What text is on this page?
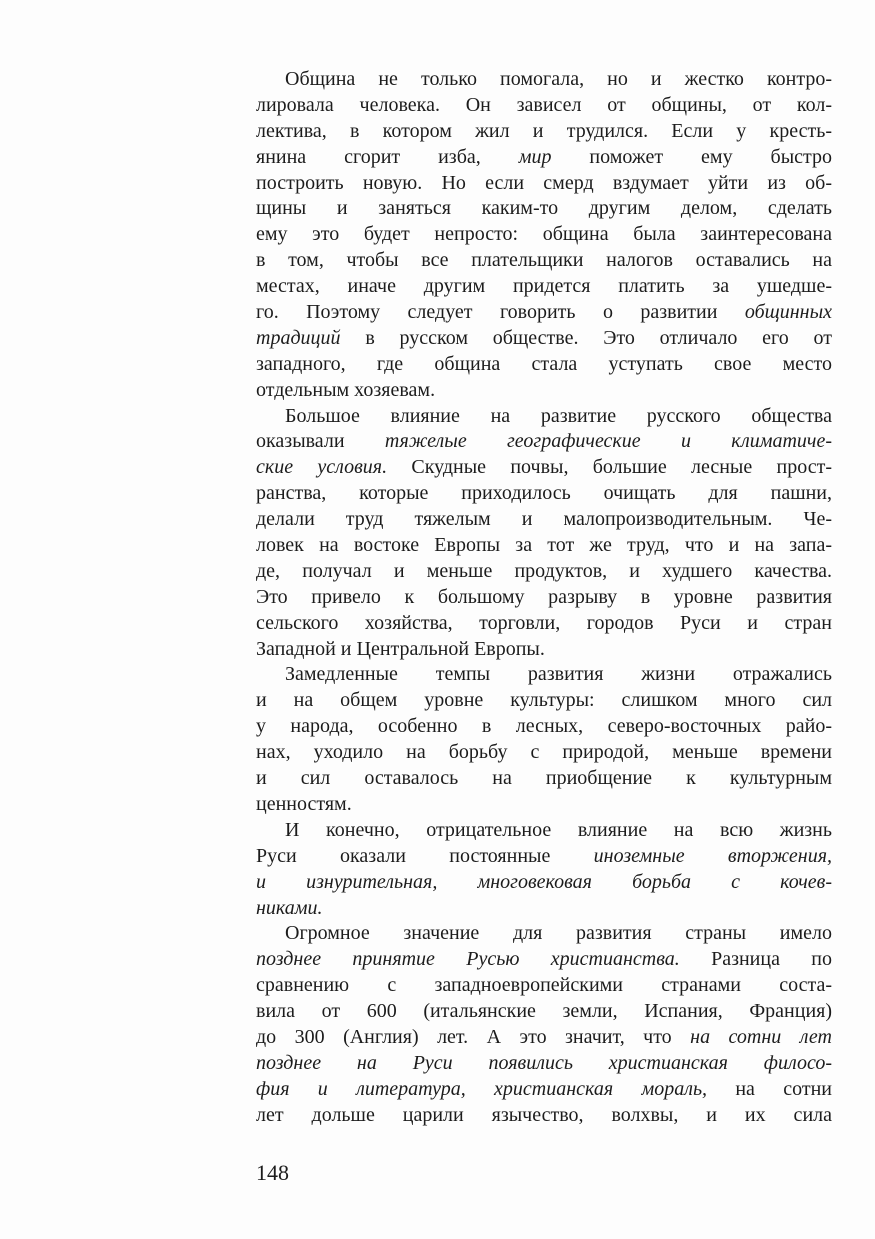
Община не только помогала, но и жестко контро-
лировала человека. Он зависел от общины, от кол-
лектива, в котором жил и трудился. Если у кресть-
янина сгорит изба, мир поможет ему быстро
построить новую. Но если смерд вздумает уйти из об-
щины и заняться каким-то другим делом, сделать
ему это будет непросто: община была заинтересована
в том, чтобы все плательщики налогов оставались на
местах, иначе другим придется платить за ушедше-
го. Поэтому следует говорить о развитии общинных
традиций в русском обществе. Это отличало его от
западного, где община стала уступать свое место
отдельным хозяевам.
Большое влияние на развитие русского общества
оказывали тяжелые географические и климатиче-
ские условия. Скудные почвы, большие лесные прост-
ранства, которые приходилось очищать для пашни,
делали труд тяжелым и малопроизводительным. Че-
ловек на востоке Европы за тот же труд, что и на запа-
де, получал и меньше продуктов, и худшего качества.
Это привело к большому разрыву в уровне развития
сельского хозяйства, торговли, городов Руси и стран
Западной и Центральной Европы.
Замедленные темпы развития жизни отражались
и на общем уровне культуры: слишком много сил
у народа, особенно в лесных, северо-восточных райо-
нах, уходило на борьбу с природой, меньше времени
и сил оставалось на приобщение к культурным
ценностям.
И конечно, отрицательное влияние на всю жизнь
Руси оказали постоянные иноземные вторжения,
и изнурительная, многовековая борьба с кочев-
никами.
Огромное значение для развития страны имело
позднее принятие Русью христианства. Разница по
сравнению с западноевропейскими странами соста-
вила от 600 (итальянские земли, Испания, Франция)
до 300 (Англия) лет. А это значит, что на сотни лет
позднее на Руси появились христианская филосо-
фия и литература, христианская мораль, на сотни
лет дольше царили язычество, волхвы, и их сила
148
